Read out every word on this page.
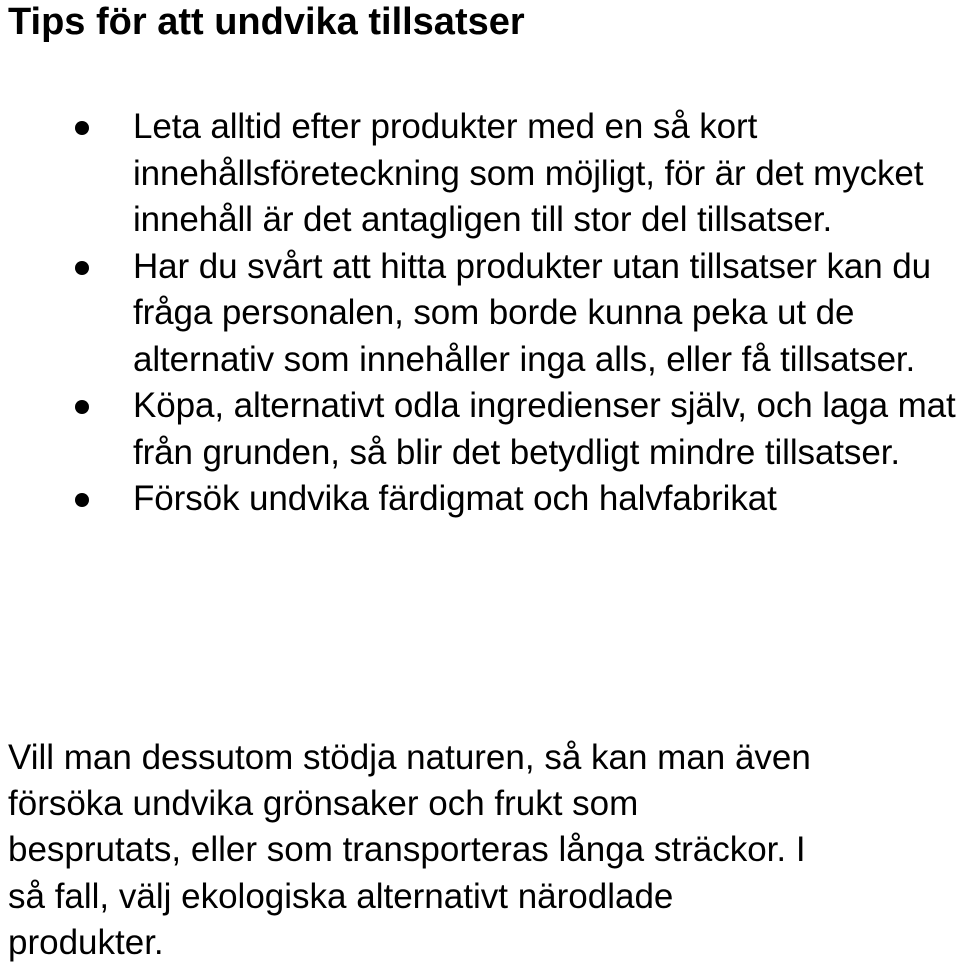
Tips för att undvika tillsatser
Leta alltid efter produkter med en så kort innehållsföreteckning som möjligt, för är det mycket innehåll är det antagligen till stor del tillsatser.
Har du svårt att hitta produkter utan tillsatser kan du fråga personalen, som borde kunna peka ut de alternativ som innehåller inga alls, eller få tillsatser.
Köpa, alternativt odla ingredienser själv, och laga mat från grunden, så blir det betydligt mindre tillsatser.
Försök undvika färdigmat och halvfabrikat

Vill man dessutom stödja naturen, så kan man även
försöka undvika grönsaker och frukt som
besprutats, eller som transporteras långa sträckor. I
så fall, välj ekologiska alternativt närodlade
produkter.
